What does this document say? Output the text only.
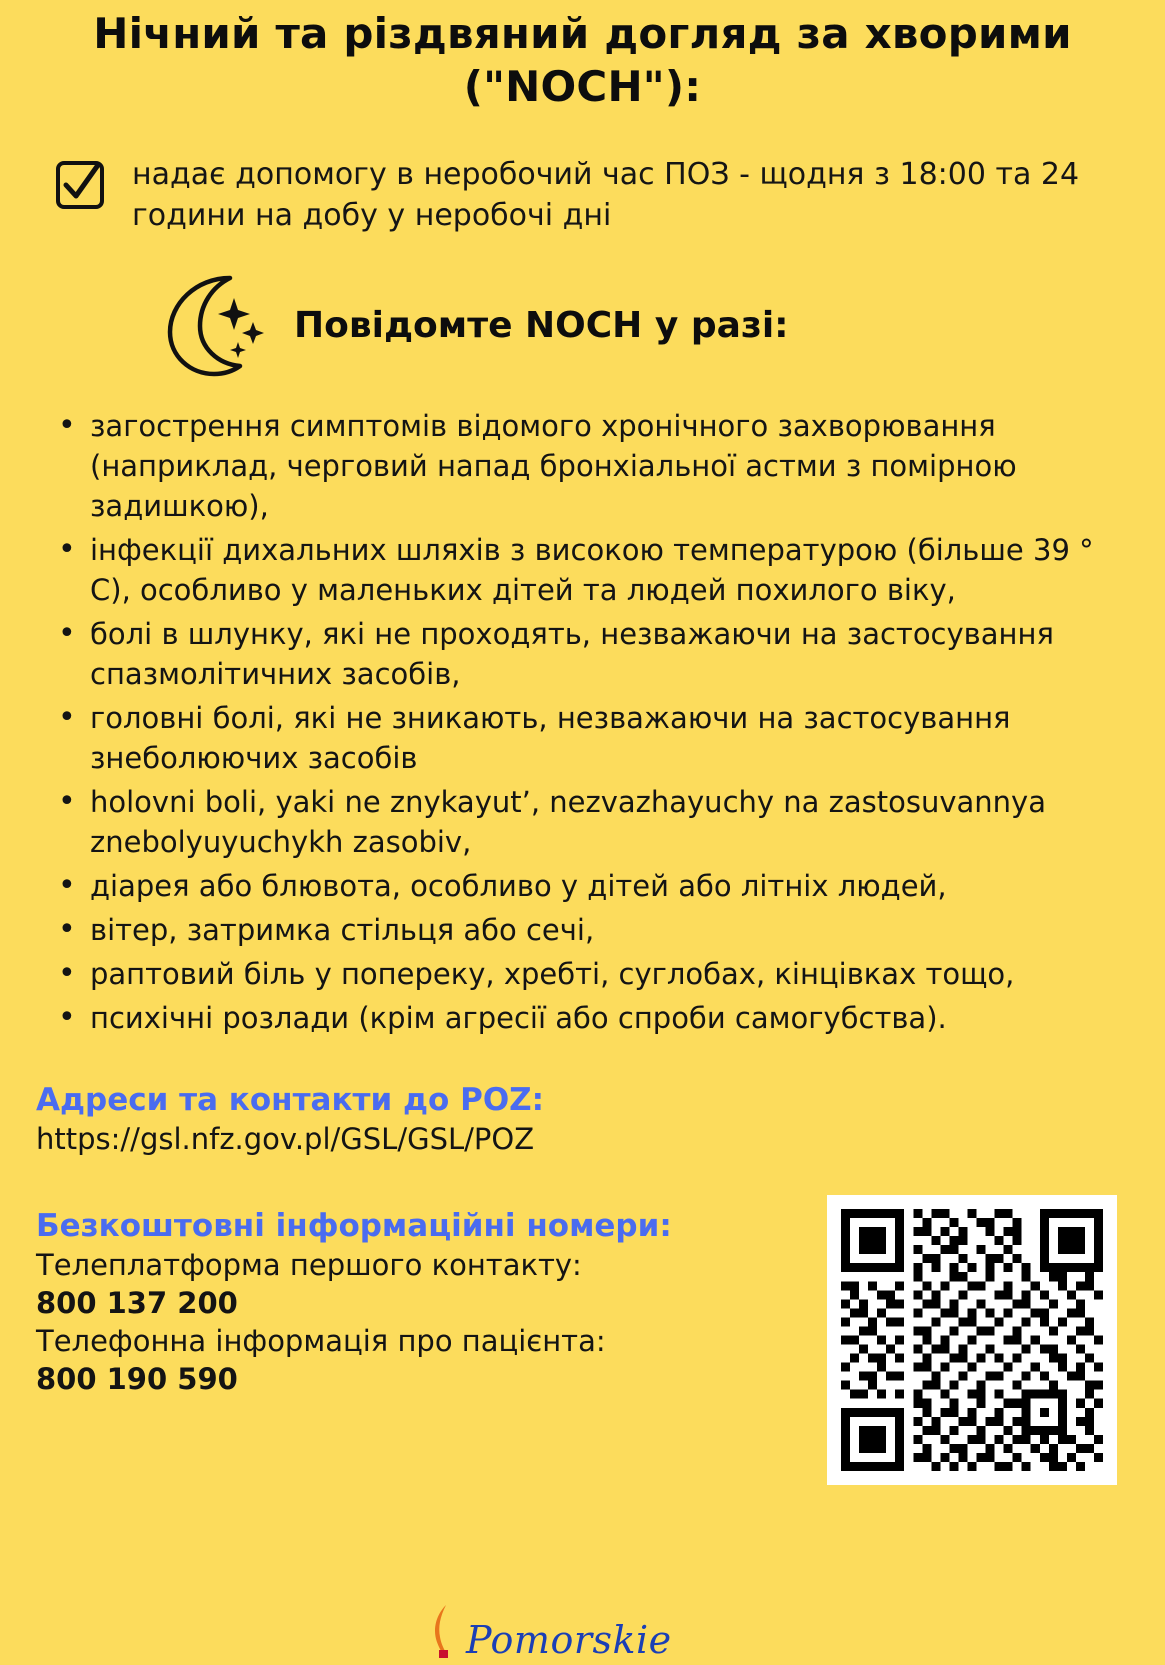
Нічний та різдвяний догляд за хворими ("NOCH"):
надає допомогу в неробочий час ПОЗ - щодня з 18:00 та 24 години на добу у неробочі дні
Повідомте NOCH у разі:
• загострення симптомів відомого хронічного захворювання (наприклад, черговий напад бронхіальної астми з помірною задишкою),
• інфекції дихальних шляхів з високою температурою (більше 39 ° С), особливо у маленьких дітей та людей похилого віку,
• болі в шлунку, які не проходять, незважаючи на застосування спазмолітичних засобів,
• головні болі, які не зникають, незважаючи на застосування знеболюючих засобів
• holovni boli, yaki ne znykayut’, nezvazhayuchy na zastosuvannya znebolyuyuchykh zasobiv,
• діарея або блювота, особливо у дітей або літніх людей,
• вітер, затримка стільця або сечі,
• раптовий біль у попереку, хребті, суглобах, кінцівках тощо,
• психічні розлади (крім агресії або спроби самогубства).
Адреси та контакти до POZ:
https://gsl.nfz.gov.pl/GSL/GSL/POZ
Безкоштовні інформаційні номери:
Телеплатформа першого контакту:
800 137 200
Телефонна інформація про пацієнта:
800 190 590
Pomorskie
